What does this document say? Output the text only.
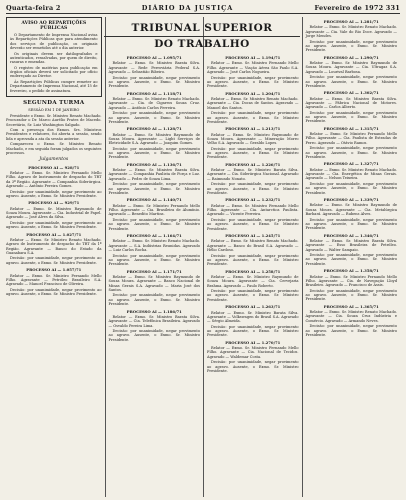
Quarta-feira 2	DIÁRIO DA JUSTIÇA	Fevereiro de 1972 331
TRIBUNAL SUPERIOR
DO TRABALHO
AVISO AO REPARTIÇÕES PÚBLICAS

O Departamento de Imprensa Nacional avisa às Repartições Públicas que para atendimento dos serviços de publicação, os originais deverão ser remetidos até o dia anterior.

Os originais devem ser datilografados e autenticados, ressalvadas, por quem de direito, rasuras e emendas.

O registro de matérias para publicação em órgãos oficiais deverá ser solicitado por ofício endereçado ao Diretor.

Às Repartições Públicas cumpre remeter ao Departamento de Imprensa Nacional, até 15 de fevereiro, o pedido de assinatura.

SEGUNDA TURMA
SESSÃO EM 1 DE JANEIRO

Presidente o Exmo. Sr. Ministro Renato Machado. Procurador o Dr. Marco Aurélio Prates de Macedo. Secretário, Sr. Luiz Washington Salgado.

Com a presença dos Exmos. Srs. Ministros Presidentes e relatores, foi aberta a sessão, sendo lida e aprovada a ata da sessão anterior.

Compareceu o Exmo. Sr. Ministro Renato Machado, e em seguida foram julgados os seguintes processos.

Julgamentos
PROCESSO AI — 928/71

Relator — Exmo. Sr. Ministro Fernando Mello Filho. Agravo de Instrumento de despacho do TRT da 3ª Região. Agravante — Companhia Siderúrgica. Agravado — Antônio Pereira Gomes.

Decisão: por unanimidade, negar provimento ao agravo. Ausente, o Exmo. Sr. Ministro Presidente.

PROCESSO AI — 929/71

Relator — Exmo. Sr. Ministro Raymundo de Souza Moura. Agravante — Cia. Industrial de Papel. Agravado — José Alves da Silva.

Decisão: por unanimidade, negar provimento ao agravo. Ausente, o Exmo. Sr. Ministro Presidente.

PROCESSO AI — 1.027/71

Relator — Exmo. Sr. Ministro Renato Machado. Agravo de Instrumento de despacho do TRT da 1ª Região. Agravante — Banco do Estado da Guanabara S.A.

Decisão: por unanimidade, negar provimento ao agravo. Ausente, o Exmo. Sr. Ministro Presidente.

PROCESSO AI — 1.057/71

Relator — Exmo. Sr. Ministro Fernando Mello Filho. Agravante — Petróleo Brasileiro S.A. Agravado — Manoel Francisco de Oliveira.

Decisão: por unanimidade, negar provimento ao agravo. Ausente, o Exmo. Sr. Ministro Presidente.

PROCESSO AI — 1.095/71

Relator — Exmo. Sr. Ministro Barata Silva. Agravante — Rede Ferroviária Federal S.A. Agravado — Sebastião Ribeiro.

Decisão: por unanimidade, negar provimento ao agravo. Ausente, o Exmo. Sr. Ministro Presidente.

PROCESSO AI — 1.118/71

Relator — Exmo. Sr. Ministro Renato Machado. Agravante — Cia. de Cigarros Souza Cruz. Agravado — Antônio Carlos Ferreira.

Decisão: por unanimidade, negar provimento ao agravo. Ausente, o Exmo. Sr. Ministro Presidente.

PROCESSO AI — 1.128/71

Relator — Exmo. Sr. Ministro Raymundo de Souza Moura. Agravante — Light Serviços de Eletricidade S.A. Agravado — Joaquim Gomes.

Decisão: por unanimidade, negar provimento ao agravo. Ausente, o Exmo. Sr. Ministro Presidente.

PROCESSO AI — 1.136/71

Relator — Exmo. Sr. Ministro Barata Silva. Agravante — Companhia Paulista de Força e Luz. Agravado — Pedro de Souza Lima.

Decisão: por unanimidade, negar provimento ao agravo. Ausente, o Exmo. Sr. Ministro Presidente.

PROCESSO AI — 1.140/71

Relator — Exmo. Sr. Ministro Fernando Mello Filho. Agravante — Cia. Brasileira de Alumínio. Agravado — Benedito Martins.

Decisão: por unanimidade, negar provimento ao agravo. Ausente, o Exmo. Sr. Ministro Presidente.

PROCESSO AI — 1.164/71

Relator — Exmo. Sr. Ministro Renato Machado. Agravante — S.A. Indústrias Reunidas. Agravado — Luiz Carlos Rocha.

Decisão: por unanimidade, negar provimento ao agravo. Ausente, o Exmo. Sr. Ministro Presidente.

PROCESSO AI — 1.171/71

Relator — Exmo. Sr. Ministro Raymundo de Souza Moura. Agravante — Banco Nacional de Minas Gerais S.A. Agravado — Maria José dos Santos.

Decisão: por unanimidade, negar provimento ao agravo. Ausente, o Exmo. Sr. Ministro Presidente.

PROCESSO AI — 1.186/71

Relator — Exmo. Sr. Ministro Barata Silva. Agravante — Cia. Telefônica Brasileira. Agravado — Osvaldo Pereira Lima.

Decisão: por unanimidade, negar provimento ao agravo. Ausente, o Exmo. Sr. Ministro Presidente.

PROCESSO AI — 1.194/71

Relator — Exmo. Sr. Ministro Fernando Mello Filho. Agravante — Viação Aérea São Paulo S.A. Agravado — José Carlos Nogueira.

Decisão: por unanimidade, negar provimento ao agravo. Ausente, o Exmo. Sr. Ministro Presidente.

PROCESSO AI — 1.204/71

Relator — Exmo. Sr. Ministro Renato Machado. Agravante — Cia. Docas de Santos. Agravado — Manoel dos Santos.

Decisão: por unanimidade, negar provimento ao agravo. Ausente, o Exmo. Sr. Ministro Presidente.

PROCESSO AI — 1.213/71

Relator — Exmo. Sr. Ministro Raymundo de Souza Moura. Agravante — Mineração Morro Velho S.A. Agravado — Geraldo Lopes.

Decisão: por unanimidade, negar provimento ao agravo. Ausente, o Exmo. Sr. Ministro Presidente.

PROCESSO AI — 1.226/71

Relator — Exmo. Sr. Ministro Barata Silva. Agravante — Cia. Siderúrgica Nacional. Agravado — Raimundo Nonato.

Decisão: por unanimidade, negar provimento ao agravo. Ausente, o Exmo. Sr. Ministro Presidente.

PROCESSO AI — 1.232/71

Relator — Exmo. Sr. Ministro Fernando Mello Filho. Agravante — Cia. Antarctica Paulista. Agravado — Vicente Ferreira.

Decisão: por unanimidade, negar provimento ao agravo. Ausente, o Exmo. Sr. Ministro Presidente.

PROCESSO AI — 1.245/71

Relator — Exmo. Sr. Ministro Renato Machado. Agravante — Banco do Brasil S.A. Agravado — Hélio Cardoso.

Decisão: por unanimidade, negar provimento ao agravo. Ausente, o Exmo. Sr. Ministro Presidente.

PROCESSO AI — 1.258/71

Relator — Exmo. Sr. Ministro Raymundo de Souza Moura. Agravante — Cia. Cervejaria Brahma. Agravado — Paulo Roberto.

Decisão: por unanimidade, negar provimento ao agravo. Ausente, o Exmo. Sr. Ministro Presidente.

PROCESSO AI — 1.263/71

Relator — Exmo. Sr. Ministro Barata Silva. Agravante — Volkswagen do Brasil S.A. Agravado — Sérgio Almeida.

Decisão: por unanimidade, negar provimento ao agravo. Ausente, o Exmo. Sr. Ministro Presidente.

PROCESSO AI — 1.270/71

Relator — Exmo. Sr. Ministro Fernando Mello Filho. Agravante — Cia. Nacional de Tecidos. Agravado — Waldemar Costa.

Decisão: por unanimidade, negar provimento ao agravo. Ausente, o Exmo. Sr. Ministro Presidente.

PROCESSO AI — 1.281/71

Relator — Exmo. Sr. Ministro Renato Machado. Agravante — Cia. Vale do Rio Doce. Agravado — Jorge Mendes.

Decisão: por unanimidade, negar provimento ao agravo. Ausente, o Exmo. Sr. Ministro Presidente.

PROCESSO AI — 1.290/71

Relator — Exmo. Sr. Ministro Raymundo de Souza Moura. Agravante — Cia. Ultragaz S.A. Agravado — Lourival Barbosa.

Decisão: por unanimidade, negar provimento ao agravo. Ausente, o Exmo. Sr. Ministro Presidente.

PROCESSO AI — 1.302/71

Relator — Exmo. Sr. Ministro Barata Silva. Agravante — Fábrica Nacional de Motores. Agravado — Carlos Alberto.

Decisão: por unanimidade, negar provimento ao agravo. Ausente, o Exmo. Sr. Ministro Presidente.

PROCESSO AI — 1.315/71

Relator — Exmo. Sr. Ministro Fernando Mello Filho. Agravante — Cia. Paulista de Estradas de Ferro. Agravado — Otávio Ramos.

Decisão: por unanimidade, negar provimento ao agravo. Ausente, o Exmo. Sr. Ministro Presidente.

PROCESSO AI — 1.327/71

Relator — Exmo. Sr. Ministro Renato Machado. Agravante — Cia. Energética de Minas Gerais. Agravado — Nelson Teixeira.

Decisão: por unanimidade, negar provimento ao agravo. Ausente, o Exmo. Sr. Ministro Presidente.

PROCESSO AI — 1.339/71

Relator — Exmo. Sr. Ministro Raymundo de Souza Moura. Agravante — Cia. Metalúrgica Barbará. Agravado — Rubens Alves.

Decisão: por unanimidade, negar provimento ao agravo. Ausente, o Exmo. Sr. Ministro Presidente.

PROCESSO AI — 1.346/71

Relator — Exmo. Sr. Ministro Barata Silva. Agravante — Esso Brasileira de Petróleo. Agravado — Walter Sampaio.

Decisão: por unanimidade, negar provimento ao agravo. Ausente, o Exmo. Sr. Ministro Presidente.

PROCESSO AI — 1.358/71

Relator — Exmo. Sr. Ministro Fernando Mello Filho. Agravante — Cia. de Navegação Lloyd Brasileiro. Agravado — Francisco de Assis.

Decisão: por unanimidade, negar provimento ao agravo. Ausente, o Exmo. Sr. Ministro Presidente.

PROCESSO AI — 1.365/71

Relator — Exmo. Sr. Ministro Renato Machado. Agravante — Cia. Souza Cruz Indústria e Comércio. Agravado — Armando Neves.

Decisão: por unanimidade, negar provimento ao agravo. Ausente, o Exmo. Sr. Ministro Presidente.
